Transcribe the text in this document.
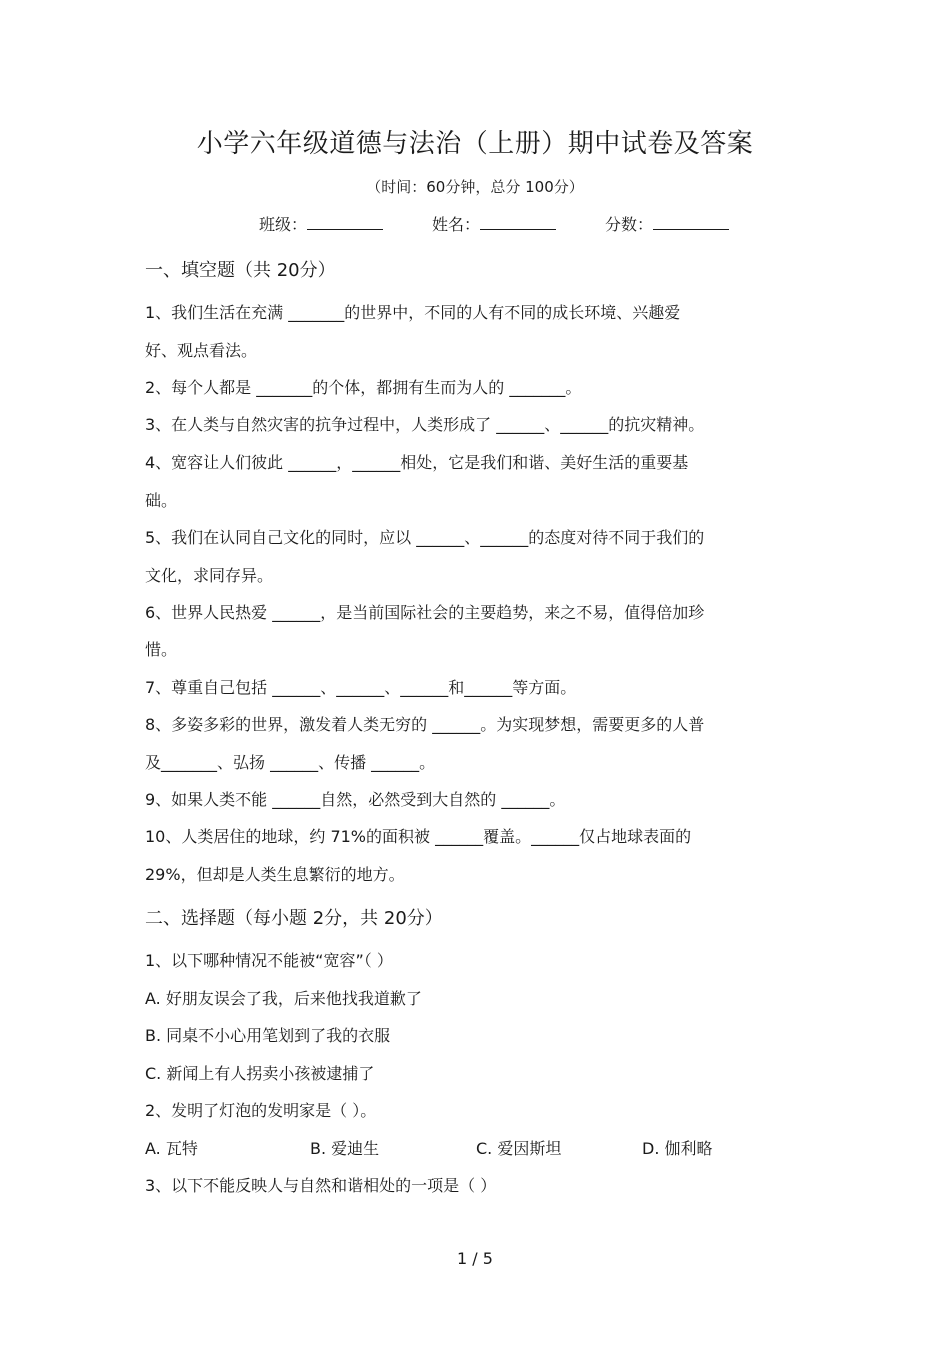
小学六年级道德与法治（上册）期中试卷及答案
（时间：60分钟，总分 100分）
班级：	姓名：	分数：
一、填空题（共 20分）
1、我们生活在充满 _______的世界中，不同的人有不同的成长环境、兴趣爱
好、观点看法。
2、每个人都是 _______的个体，都拥有生而为人的 _______。
3、在人类与自然灾害的抗争过程中，人类形成了 ______、______的抗灾精神。
4、宽容让人们彼此 ______，______相处，它是我们和谐、美好生活的重要基
础。
5、我们在认同自己文化的同时，应以 ______、______的态度对待不同于我们的
文化，求同存异。
6、世界人民热爱 ______，是当前国际社会的主要趋势，来之不易，值得倍加珍
惜。
7、尊重自己包括 ______、______、______和______等方面。
8、多姿多彩的世界，激发着人类无穷的 ______。为实现梦想，需要更多的人普
及_______、弘扬 ______、传播 ______。
9、如果人类不能 ______自然，必然受到大自然的 ______。
10、人类居住的地球，约 71%的面积被 ______覆盖。______仅占地球表面的
29%，但却是人类生息繁衍的地方。
二、选择题（每小题 2分，共 20分）
1、以下哪种情况不能被“宽容”（ ）
A. 好朋友误会了我，后来他找我道歉了
B. 同桌不小心用笔划到了我的衣服
C. 新闻上有人拐卖小孩被逮捕了
2、发明了灯泡的发明家是（ ）。
A. 瓦特	B. 爱迪生	C. 爱因斯坦	D. 伽利略
3、以下不能反映人与自然和谐相处的一项是（ ）
1 / 5
